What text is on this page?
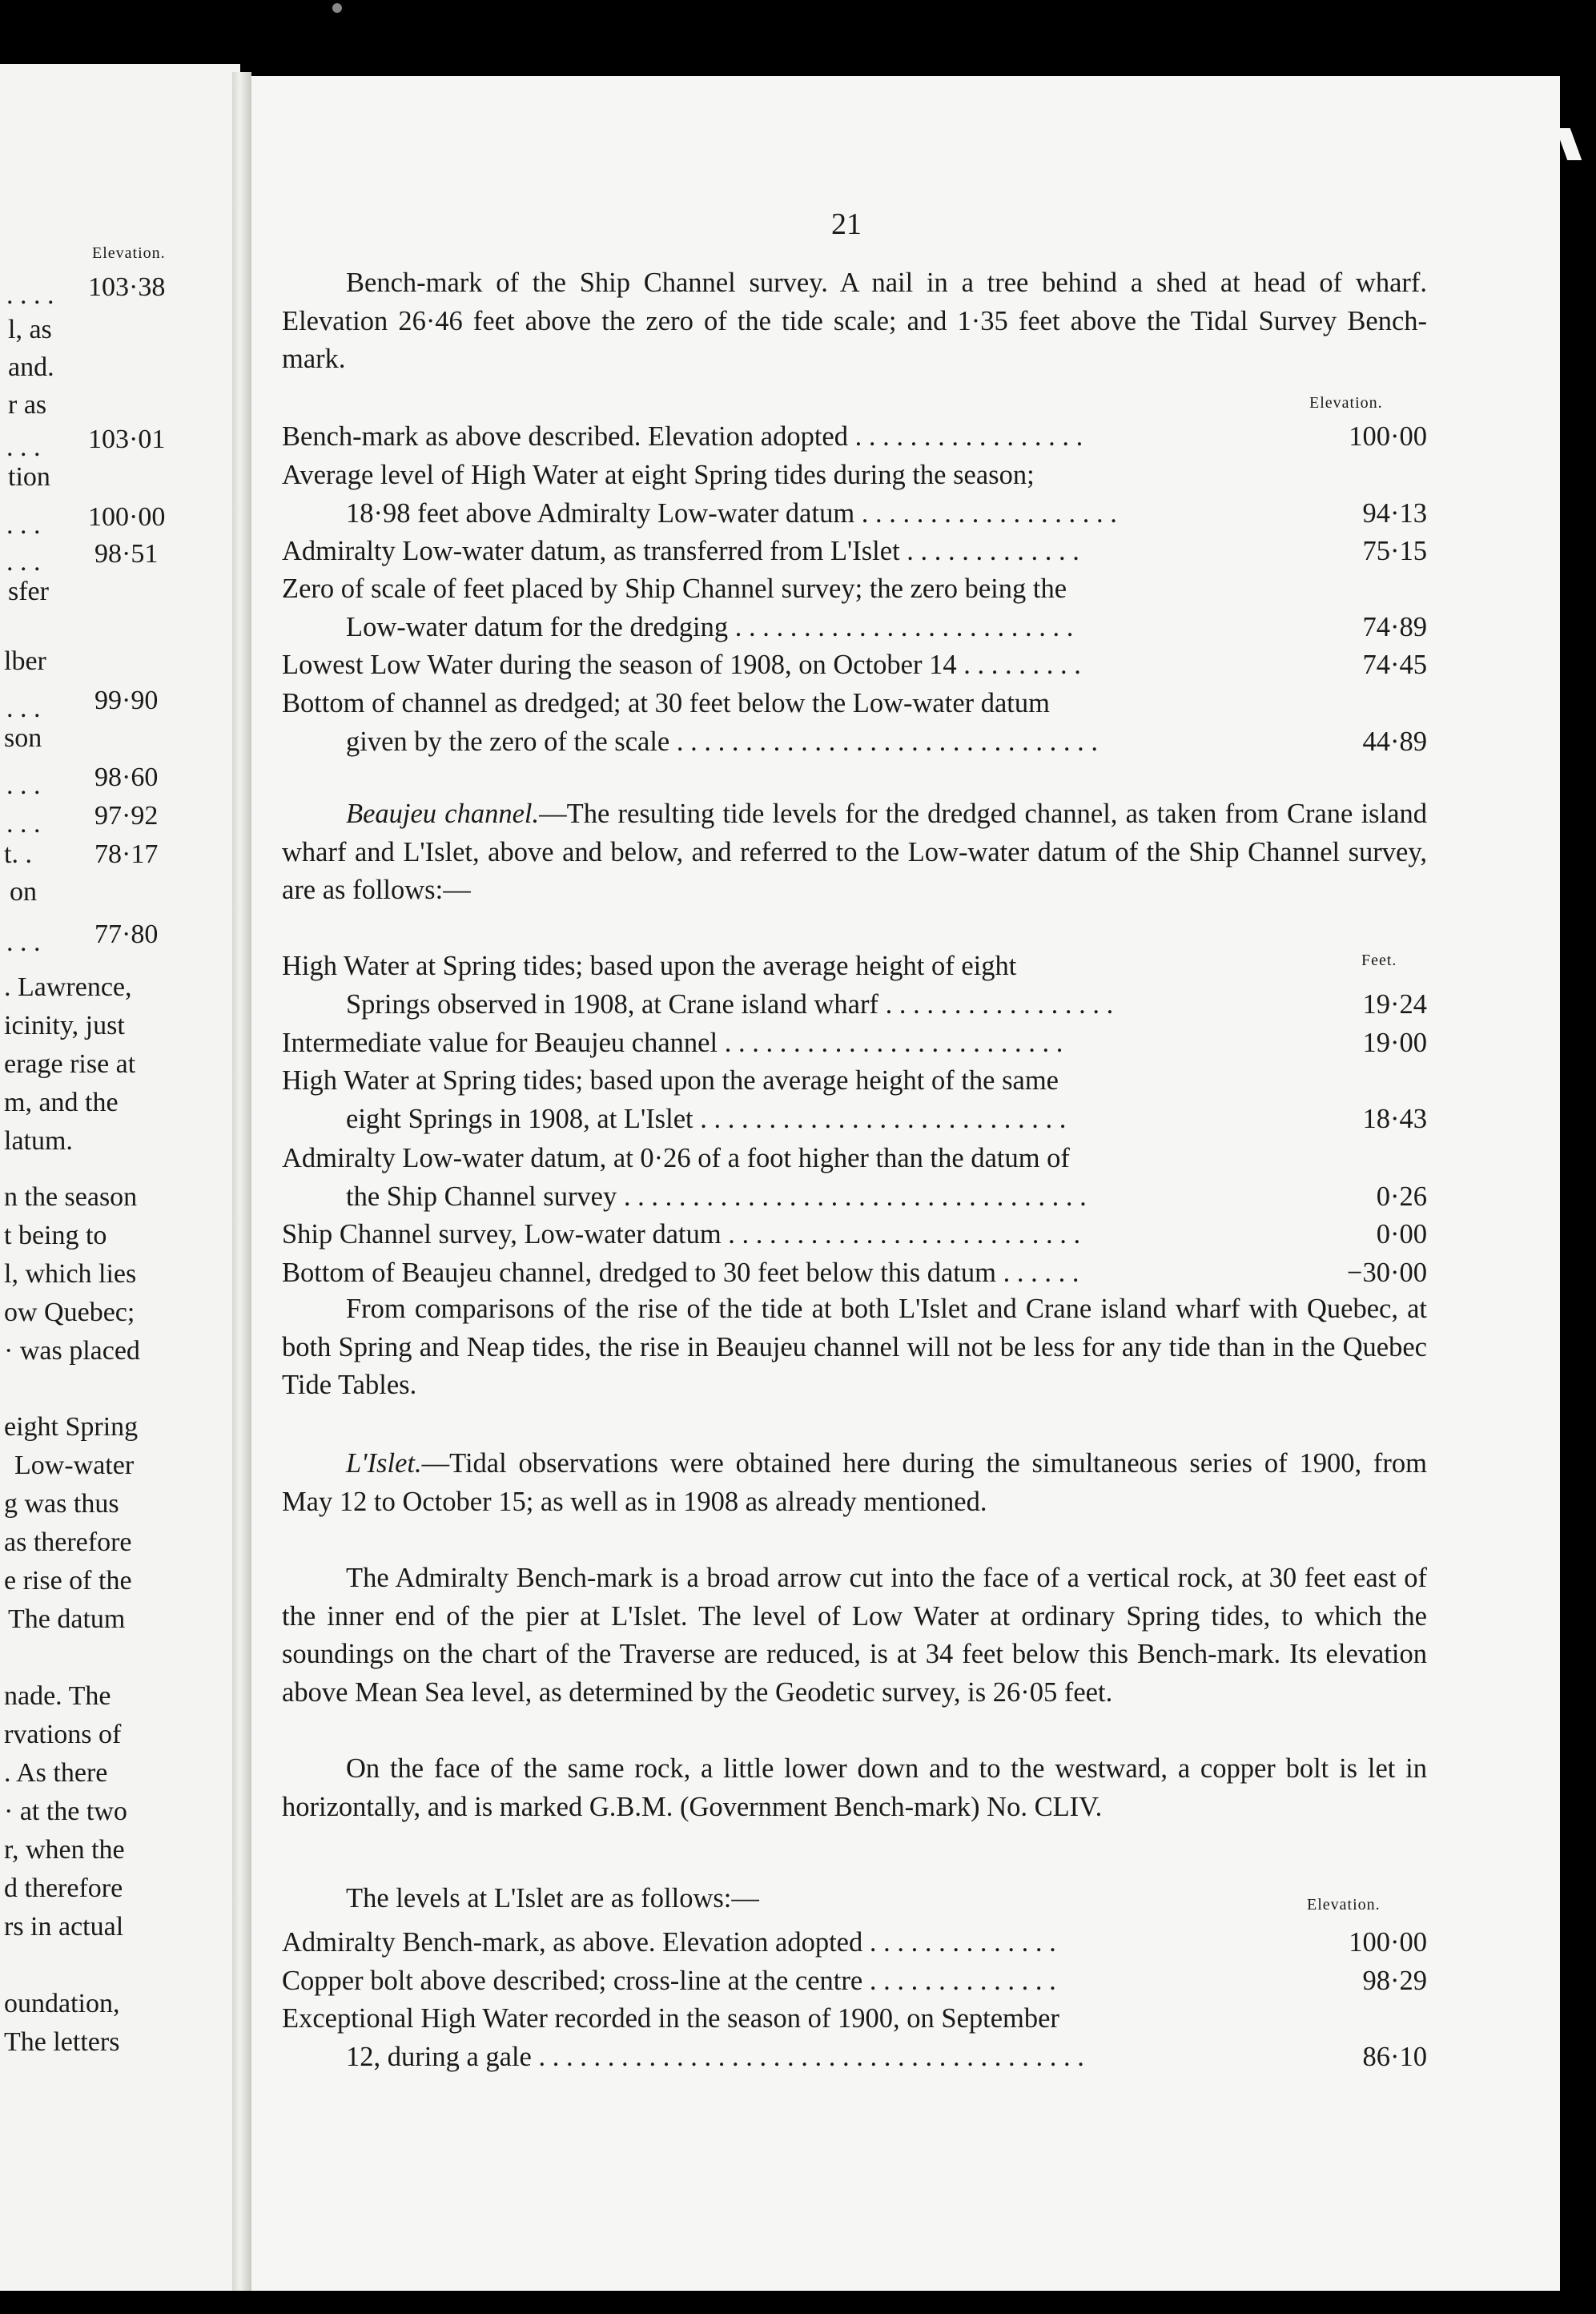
Elevation.
. . . . 103·38
l, as
and.
r as
. . . 103·01
tion
. . . 100·00
. . . 98·51
sfer
lber
. . . 99·90
son
. . . 98·60
. . . 97·92
t. . 78·17
on
. . . 77·80
. Lawrence,
icinity, just
erage rise at
m, and the
latum.
n the season
t being to
l, which lies
ow Quebec;
· was placed
eight Spring
Low-water
g was thus
as therefore
e rise of the
The datum
nade. The
rvations of
. As there
· at the two
r, when the
d therefore
rs in actual
oundation,
The letters
21
Bench-mark of the Ship Channel survey. A nail in a tree behind a shed at head of wharf. Elevation 26·46 feet above the zero of the tide scale; and 1·35 feet above the Tidal Survey Bench-mark.
Elevation.
Bench-mark as above described. Elevation adopted . . . . . . . . . . . . . . . . .	100·00
Average level of High Water at eight Spring tides during the season;
18·98 feet above Admiralty Low-water datum . . . . . . . . . . . . . . . . . . .	94·13
Admiralty Low-water datum, as transferred from L'Islet . . . . . . . . . . . . .	75·15
Zero of scale of feet placed by Ship Channel survey; the zero being the
Low-water datum for the dredging . . . . . . . . . . . . . . . . . . . . . . . . .	74·89
Lowest Low Water during the season of 1908, on October 14 . . . . . . . . .	74·45
Bottom of channel as dredged; at 30 feet below the Low-water datum
given by the zero of the scale . . . . . . . . . . . . . . . . . . . . . . . . . . . . . . .	44·89
Beaujeu channel.—The resulting tide levels for the dredged channel, as taken from Crane island wharf and L'Islet, above and below, and referred to the Low-water datum of the Ship Channel survey, are as follows:—
Feet.
High Water at Spring tides; based upon the average height of eight
Springs observed in 1908, at Crane island wharf . . . . . . . . . . . . . . . . .	19·24
Intermediate value for Beaujeu channel . . . . . . . . . . . . . . . . . . . . . . . . .	19·00
High Water at Spring tides; based upon the average height of the same
eight Springs in 1908, at L'Islet . . . . . . . . . . . . . . . . . . . . . . . . . . .	18·43
Admiralty Low-water datum, at 0·26 of a foot higher than the datum of
the Ship Channel survey . . . . . . . . . . . . . . . . . . . . . . . . . . . . . . . . . .	0·26
Ship Channel survey, Low-water datum . . . . . . . . . . . . . . . . . . . . . . . . . .	0·00
Bottom of Beaujeu channel, dredged to 30 feet below this datum . . . . . .	−30·00
From comparisons of the rise of the tide at both L'Islet and Crane island wharf with Quebec, at both Spring and Neap tides, the rise in Beaujeu channel will not be less for any tide than in the Quebec Tide Tables.
L'Islet.—Tidal observations were obtained here during the simultaneous series of 1900, from May 12 to October 15; as well as in 1908 as already mentioned.
The Admiralty Bench-mark is a broad arrow cut into the face of a vertical rock, at 30 feet east of the inner end of the pier at L'Islet. The level of Low Water at ordinary Spring tides, to which the soundings on the chart of the Traverse are reduced, is at 34 feet below this Bench-mark. Its elevation above Mean Sea level, as determined by the Geodetic survey, is 26·05 feet.
On the face of the same rock, a little lower down and to the westward, a copper bolt is let in horizontally, and is marked G.B.M. (Government Bench-mark) No. CLIV.
The levels at L'Islet are as follows:—	Elevation.
Admiralty Bench-mark, as above. Elevation adopted . . . . . . . . . . . . . .	100·00
Copper bolt above described; cross-line at the centre . . . . . . . . . . . . . .	98·29
Exceptional High Water recorded in the season of 1900, on September
12, during a gale . . . . . . . . . . . . . . . . . . . . . . . . . . . . . . . . . . . . . . . .	86·10
